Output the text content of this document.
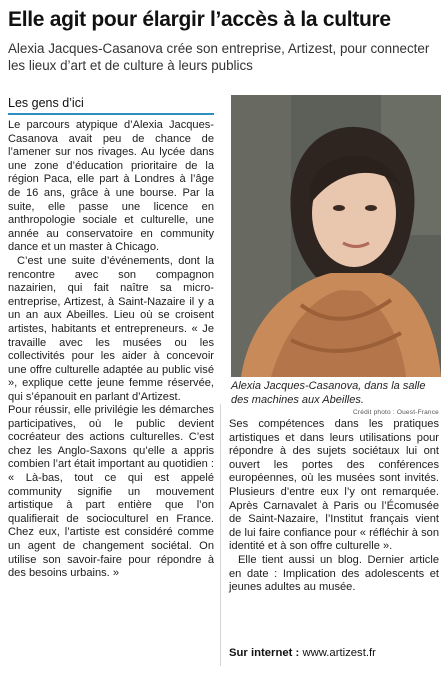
Elle agit pour élargir l’accès à la culture
Alexia Jacques-Casanova crée son entreprise, Artizest, pour connecter les lieux d’art et de culture à leurs publics
Les gens d’ici

Le parcours atypique d’Alexia Jacques-Casanova avait peu de chance de l’amener sur nos rivages. Au lycée dans une zone d’éducation prioritaire de la région Paca, elle part à Londres à l’âge de 16 ans, grâce à une bourse. Par la suite, elle passe une licence en anthropologie sociale et culturelle, une année au conservatoire en community dance et un master à Chicago.

C’est une suite d’événements, dont la rencontre avec son compagnon nazairien, qui fait naître sa micro-entreprise, Artizest, à Saint-Nazaire il y a un an aux Abeilles. Lieu où se croisent artistes, habitants et entrepreneurs. « Je travaille avec les musées ou les collectivités pour les aider à concevoir une offre culturelle adaptée au public visé », explique cette jeune femme réservée, qui s’épanouit en parlant d’Artizest.

Pour réussir, elle privilégie les démarches participatives, où le public devient cocréateur des actions culturelles. C’est chez les Anglo-Saxons qu’elle a appris combien l’art était important au quotidien : « Là-bas, tout ce qui est appelé community signifie un mouvement artistique à part entière que l’on qualifierait de socioculturel en France. Chez eux, l’artiste est considéré comme un agent de changement sociétal. On utilise son savoir-faire pour répondre à des besoins urbains. »

Alexia Jacques-Casanova, dans la salle des machines aux Abeilles.
Crédit photo : Ouest-France

Ses compétences dans les pratiques artistiques et dans leurs utilisations pour répondre à des sujets sociétaux lui ont ouvert les portes des conférences européennes, où les musées sont invités. Plusieurs d’entre eux l’y ont remarquée. Après Carnavalet à Paris ou l’Écomusée de Saint-Nazaire, l’Institut français vient de lui faire confiance pour « réfléchir à son identité et à son offre culturelle ».

Elle tient aussi un blog. Dernier article en date : Implication des adolescents et jeunes adultes au musée.

Sur internet : www.artizest.fr
